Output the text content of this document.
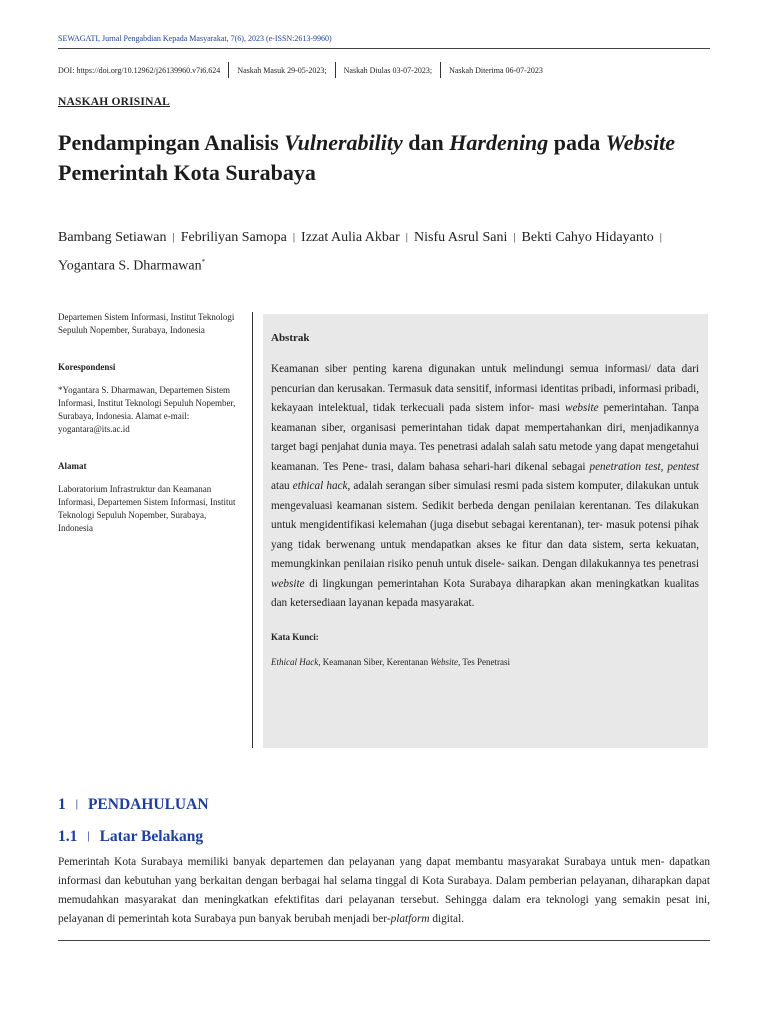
SEWAGATI, Jurnal Pengabdian Kepada Masyarakat, 7(6), 2023 (e-ISSN:2613-9960)
DOI: https://doi.org/10.12962/j26139960.v7i6.624 Naskah Masuk 29-05-2023; Naskah Diulas 03-07-2023; Naskah Diterima 06-07-2023
NASKAH ORISINAL
Pendampingan Analisis Vulnerability dan Hardening pada Website Pemerintah Kota Surabaya
Bambang Setiawan | Febriliyan Samopa | Izzat Aulia Akbar | Nisfu Asrul Sani | Bekti Cahyo Hidayanto |Yogantara S. Dharmawan*

Departemen Sistem Informasi, Institut Teknologi Sepuluh Nopember, Surabaya, Indonesia

Korespondensi

*Yogantara S. Dharmawan, Departemen Sistem Informasi, Institut Teknologi Sepuluh Nopember, Surabaya, Indonesia. Alamat e-mail: yogantara@its.ac.id

Alamat

Laboratorium Infrastruktur dan Keamanan Informasi, Departemen Sistem Informasi, Institut Teknologi Sepuluh Nopember, Surabaya, Indonesia

Abstrak

Keamanan siber penting karena digunakan untuk melindungi semua informasi/ data dari pencurian dan kerusakan. Termasuk data sensitif, informasi identitas pribadi, informasi pribadi, kekayaan intelektual, tidak terkecuali pada sistem infor- masi website pemerintahan. Tanpa keamanan siber, organisasi pemerintahan tidak dapat mempertahankan diri, menjadikannya target bagi penjahat dunia maya. Tes penetrasi adalah salah satu metode yang dapat mengetahui keamanan. Tes Pene- trasi, dalam bahasa sehari-hari dikenal sebagai penetration test, pentest atau ethical hack, adalah serangan siber simulasi resmi pada sistem komputer, dilakukan untuk mengevaluasi keamanan sistem. Sedikit berbeda dengan penilaian kerentanan. Tes dilakukan untuk mengidentifikasi kelemahan (juga disebut sebagai kerentanan), ter- masuk potensi pihak yang tidak berwenang untuk mendapatkan akses ke fitur dan data sistem, serta kekuatan, memungkinkan penilaian risiko penuh untuk disele- saikan. Dengan dilakukannya tes penetrasi website di lingkungan pemerintahan Kota Surabaya diharapkan akan meningkatkan kualitas dan ketersediaan layanan kepada masyarakat.

Kata Kunci:

Ethical Hack, Keamanan Siber, Kerentanan Website, Tes Penetrasi

1 | PENDAHULUAN
1.1 | Latar Belakang

Pemerintah Kota Surabaya memiliki banyak departemen dan pelayanan yang dapat membantu masyarakat Surabaya untuk men- dapatkan informasi dan kebutuhan yang berkaitan dengan berbagai hal selama tinggal di Kota Surabaya. Dalam pemberian pelayanan, diharapkan dapat memudahkan masyarakat dan meningkatkan efektifitas dari pelayanan tersebut. Sehingga dalam era teknologi yang semakin pesat ini, pelayanan di pemerintah kota Surabaya pun banyak berubah menjadi ber-platform digital.
